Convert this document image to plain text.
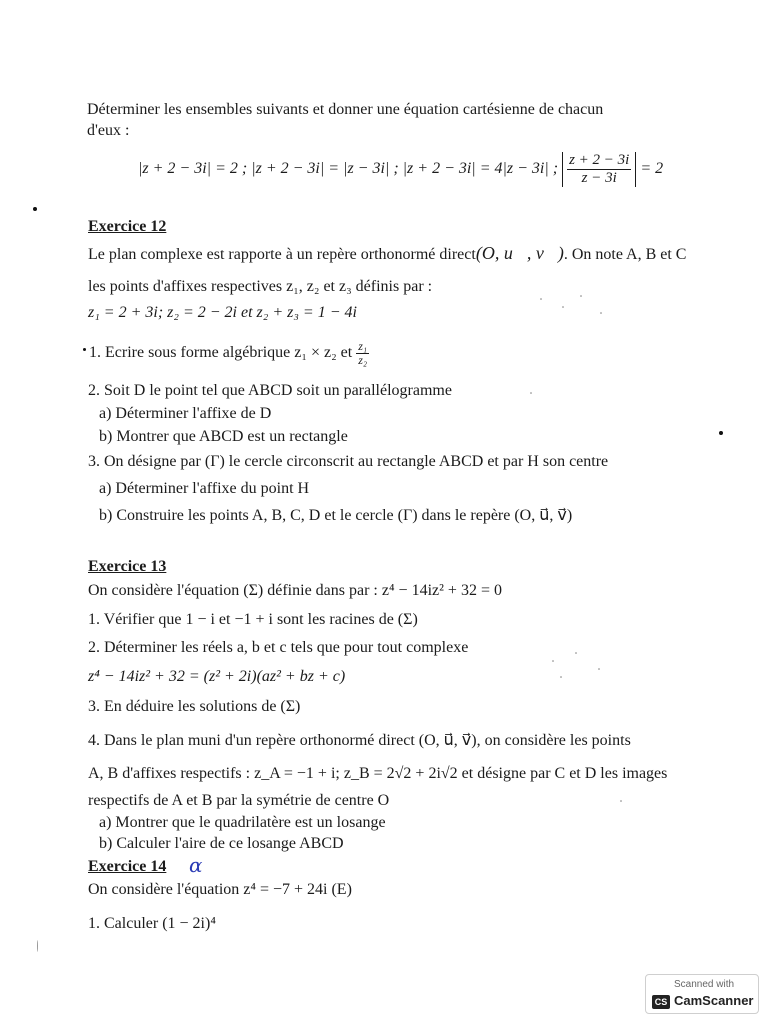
Déterminer les ensembles suivants et donner une équation cartésienne de chacun
d'eux :
|z + 2 − 3i| = 2 ; |z + 2 − 3i| = |z − 3i| ; |z + 2 − 3i| = 4|z − 3i| ; $\frac{z + 2 - 3i}{z - 3i} = 2$
Exercice 12
Le plan complexe est rapporte à un repère orthonormé direct(O, u⃗, v⃗). On note A, B et C
les points d'affixes respectives z₁, z₂ et z₃ définis par :
z₁ = 2 + 3i; z₂ = 2 − 2i et z₂ + z₃ = 1 − 4i
1. Ecrire sous forme algébrique z₁ × z₂ et $\frac{\text{z₁}}{\text{z₂}}$
2. Soit D le point tel que ABCD soit un parallélogramme
a) Déterminer l'affixe de D
b) Montrer que ABCD est un rectangle
3. On désigne par (Γ) le cercle circonscrit au rectangle ABCD et par H son centre
a) Déterminer l'affixe du point H
b) Construire les points A, B, C, D et le cercle (Γ) dans le repère (O, u⃗, v⃗)
Exercice 13
On considère l'équation (Σ) définie dans par : z⁴ − 14iz² + 32 = 0
1. Vérifier que 1 − i et −1 + i sont les racines de (Σ)
2. Déterminer les réels a, b et c tels que pour tout complexe
z⁴ − 14iz² + 32 = (z² + 2i)(az² + bz + c)
3. En déduire les solutions de (Σ)
4. Dans le plan muni d'un repère orthonormé direct (O, u⃗, v⃗), on considère les points
A, B d'affixes respectifs : z_A = −1 + i; z_B = 2√2 + 2i√2 et désigne par C et D les images
respectifs de A et B par la symétrie de centre O
a) Montrer que le quadrilatère est un losange
b) Calculer l'aire de ce losange ABCD
Exercice 14 α
On considère l'équation z⁴ = −7 + 24i (E)
1. Calculer (1 − 2i)⁴
Scanned with
CS CamScanner
